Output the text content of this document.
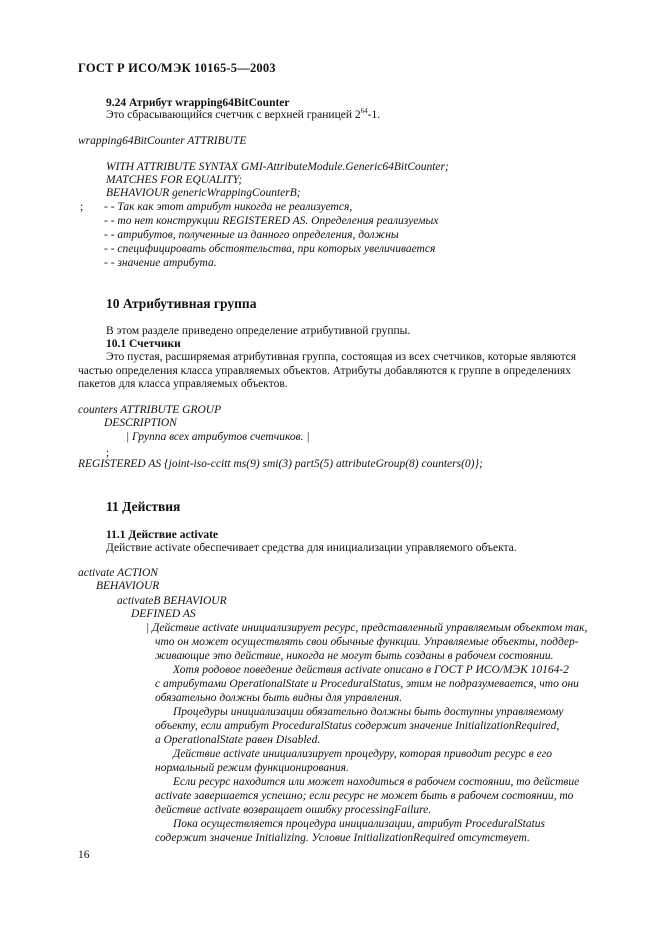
ГОСТ Р ИСО/МЭК 10165-5—2003
9.24 Атрибут wrapping64BitCounter
Это сбрасывающийся счетчик с верхней границей $2^{64}-1$.
wrapping64BitCounter ATTRIBUTE
WITH ATTRIBUTE SYNTAX GMI-AttributeModule.Generic64BitCounter;
MATCHES FOR EQUALITY;
BEHAVIOUR genericWrappingCounterB;
; - - Так как этот атрибут никогда не реализуется,
- - то нет конструкции REGISTERED AS. Определения реализуемых
- - атрибутов, полученные из данного определения, должны
- - специфицировать обстоятельства, при которых увеличивается
- - значение атрибута.
10 Атрибутивная группа
В этом разделе приведено определение атрибутивной группы.
10.1 Счетчики
Это пустая, расширяемая атрибутивная группа, состоящая из всех счетчиков, которые являются
частью определения класса управляемых объектов. Атрибуты добавляются к группе в определениях
пакетов для класса управляемых объектов.
counters ATTRIBUTE GROUP
DESCRIPTION
| Группа всех атрибутов счетчиков. |
;
REGISTERED AS {joint-iso-ccitt ms(9) smi(3) part5(5) attributeGroup(8) counters(0)};
11 Действия
11.1 Действие activate
Действие activate обеспечивает средства для инициализации управляемого объекта.
activate ACTION
BEHAVIOUR
activateB BEHAVIOUR
DEFINED AS
| Действие activate инициализирует ресурс, представленный управляемым объектом так,
что он может осуществлять свои обычные функции. Управляемые объекты, поддер-
живающие это действие, никогда не могут быть созданы в рабочем состоянии.
Хотя родовое поведение действия activate описано в ГОСТ Р ИСО/МЭК 10164-2
с атрибутами OperationalState и ProceduralStatus, этим не подразумевается, что они
обязательно должны быть видны для управления.
Процедуры инициализации обязательно должны быть доступны управляемому
объекту, если атрибут ProceduralStatus содержит значение InitializationRequired,
а OperationalState равен Disabled.
Действие activate инициализирует процедуру, которая приводит ресурс в его
нормальный режим функционирования.
Если ресурс находится или может находиться в рабочем состоянии, то действие
activate завершается успешно; если ресурс не может быть в рабочем состоянии, то
действие activate возвращает ошибку processingFailure.
Пока осуществляется процедура инициализации, атрибут ProceduralStatus
содержит значение Initializing. Условие InitializationRequired отсутствует.
16
